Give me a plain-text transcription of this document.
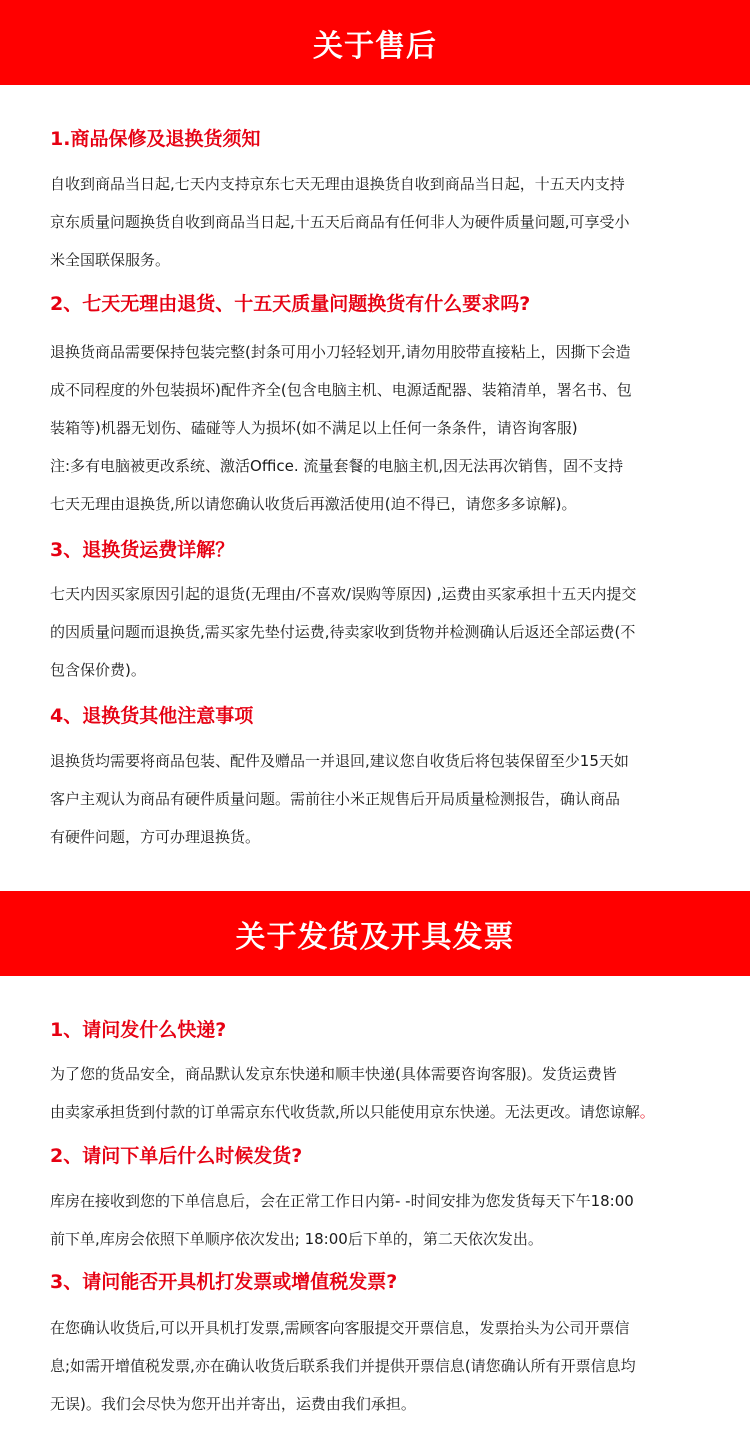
关于售后
1.商品保修及退换货须知
自收到商品当日起,七天内支持京东七天无理由退换货自收到商品当日起，十五天内支持
京东质量问题换货自收到商品当日起,十五天后商品有任何非人为硬件质量问题,可享受小
米全国联保服务。
2、七天无理由退货、十五天质量问题换货有什么要求吗?
退换货商品需要保持包装完整(封条可用小刀轻轻划开,请勿用胶带直接粘上，因撕下会造
成不同程度的外包装损坏)配件齐全(包含电脑主机、电源适配器、装箱清单，署名书、包
装箱等)机器无划伤、磕碰等人为损坏(如不满足以上任何一条条件，请咨询客服)
注:多有电脑被更改系统、激活Office. 流量套餐的电脑主机,因无法再次销售，固不支持
七天无理由退换货,所以请您确认收货后再激活使用(迫不得已，请您多多谅解)。
3、退换货运费详解？
七天内因买家原因引起的退货(无理由/不喜欢/误购等原因) ,运费由买家承担十五天内提交
的因质量问题而退换货,需买家先垫付运费,待卖家收到货物并检测确认后返还全部运费(不
包含保价费)。
4、退换货其他注意事项
退换货均需要将商品包装、配件及赠品一并退回,建议您自收货后将包装保留至少15天如
客户主观认为商品有硬件质量问题。需前往小米正规售后开局质量检测报告，确认商品
有硬件问题，方可办理退换货。
关于发货及开具发票
1、请问发什么快递?
为了您的货品安全，商品默认发京东快递和顺丰快递(具体需要咨询客服)。发货运费皆
由卖家承担货到付款的订单需京东代收货款,所以只能使用京东快递。无法更改。请您谅解。
2、请问下单后什么时候发货?
库房在接收到您的下单信息后，会在正常工作日内第- -时间安排为您发货每天下午18:00
前下单,库房会依照下单顺序依次发出; 18:00后下单的，第二天依次发出。
3、请问能否开具机打发票或增值税发票?
在您确认收货后,可以开具机打发票,需顾客向客服提交开票信息，发票抬头为公司开票信
息;如需开增值税发票,亦在确认收货后联系我们并提供开票信息(请您确认所有开票信息均
无误)。我们会尽快为您开出并寄出，运费由我们承担。
